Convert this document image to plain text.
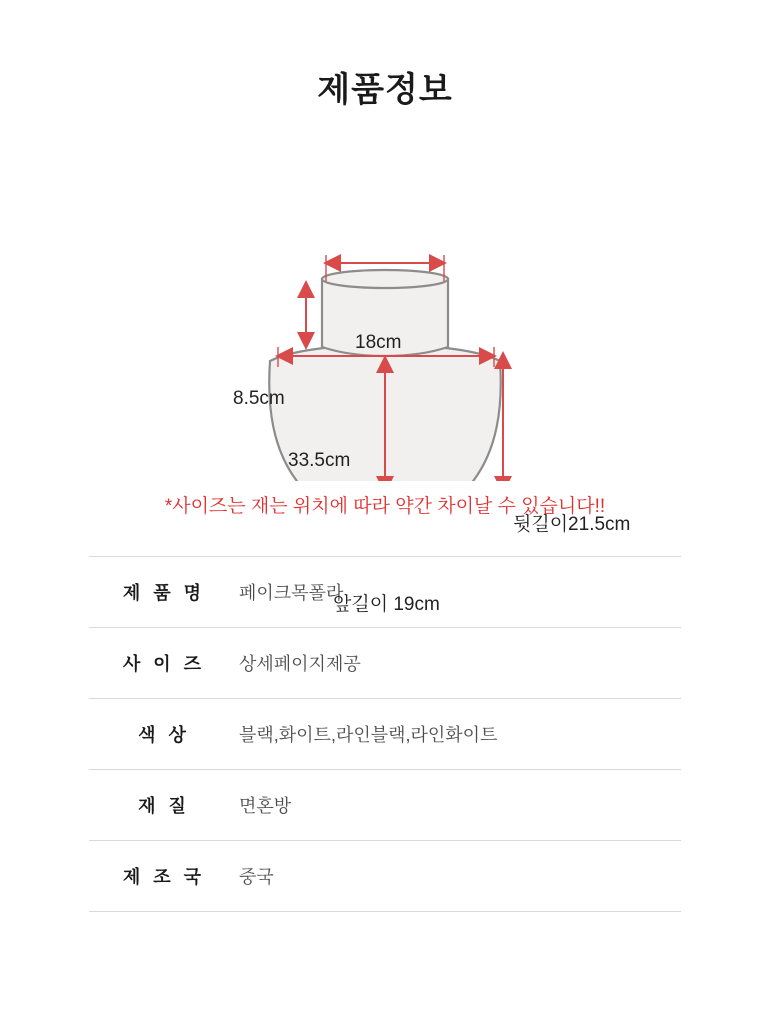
제품정보
18cm
8.5cm
33.5cm
앞길이 19cm
뒷길이21.5cm
*사이즈는 재는 위치에 따라 약간 차이날 수 있습니다!!
제 품 명	페이크목폴라
사 이 즈	상세페이지제공
색 상	블랙,화이트,라인블랙,라인화이트
재 질	면혼방
제 조 국	중국
